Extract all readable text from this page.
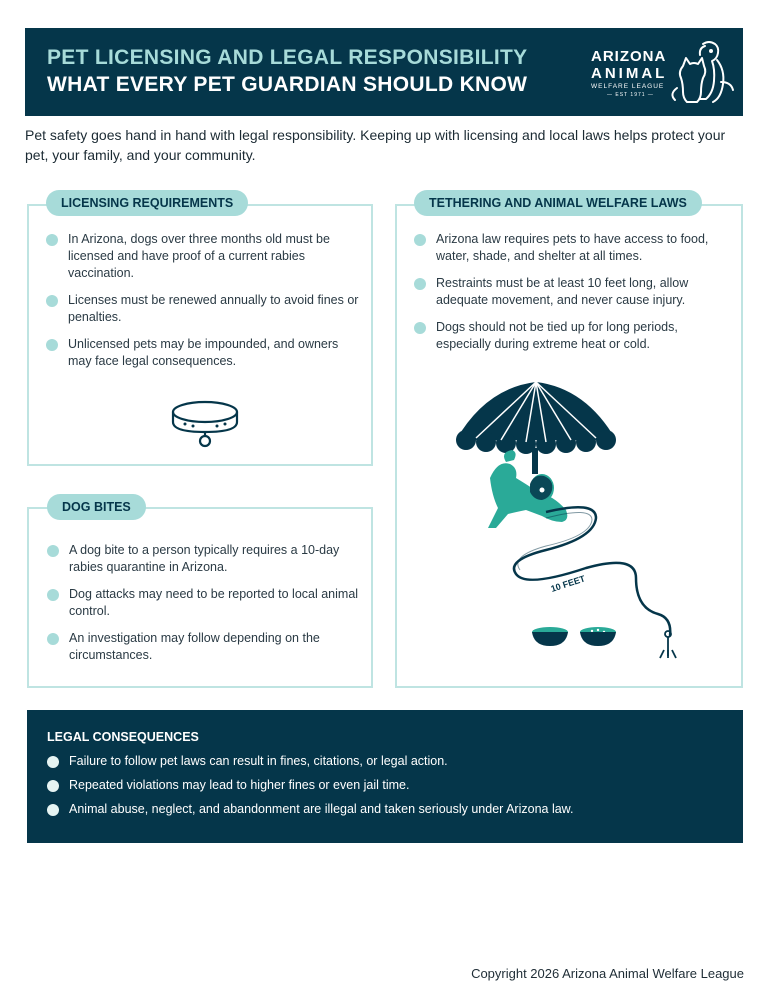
PET LICENSING AND LEGAL RESPONSIBILITY
WHAT EVERY PET GUARDIAN SHOULD KNOW
ARIZONA
ANIMAL
WELFARE LEAGUE
— EST 1971 —
Pet safety goes hand in hand with legal responsibility. Keeping up with licensing and local laws helps protect your pet, your family, and your community.
LICENSING REQUIREMENTS
In Arizona, dogs over three months old must be licensed and have proof of a current rabies vaccination.
Licenses must be renewed annually to avoid fines or penalties.
Unlicensed pets may be impounded, and owners may face legal consequences.
DOG BITES
A dog bite to a person typically requires a 10-day rabies quarantine in Arizona.
Dog attacks may need to be reported to local animal control.
An investigation may follow depending on the circumstances.
TETHERING AND ANIMAL WELFARE LAWS
Arizona law requires pets to have access to food, water, shade, and shelter at all times.
Restraints must be at least 10 feet long, allow adequate movement, and never cause injury.
Dogs should not be tied up for long periods, especially during extreme heat or cold.
10 FEET
LEGAL CONSEQUENCES
Failure to follow pet laws can result in fines, citations, or legal action.
Repeated violations may lead to higher fines or even jail time.
Animal abuse, neglect, and abandonment are illegal and taken seriously under Arizona law.
Copyright 2026 Arizona Animal Welfare League
